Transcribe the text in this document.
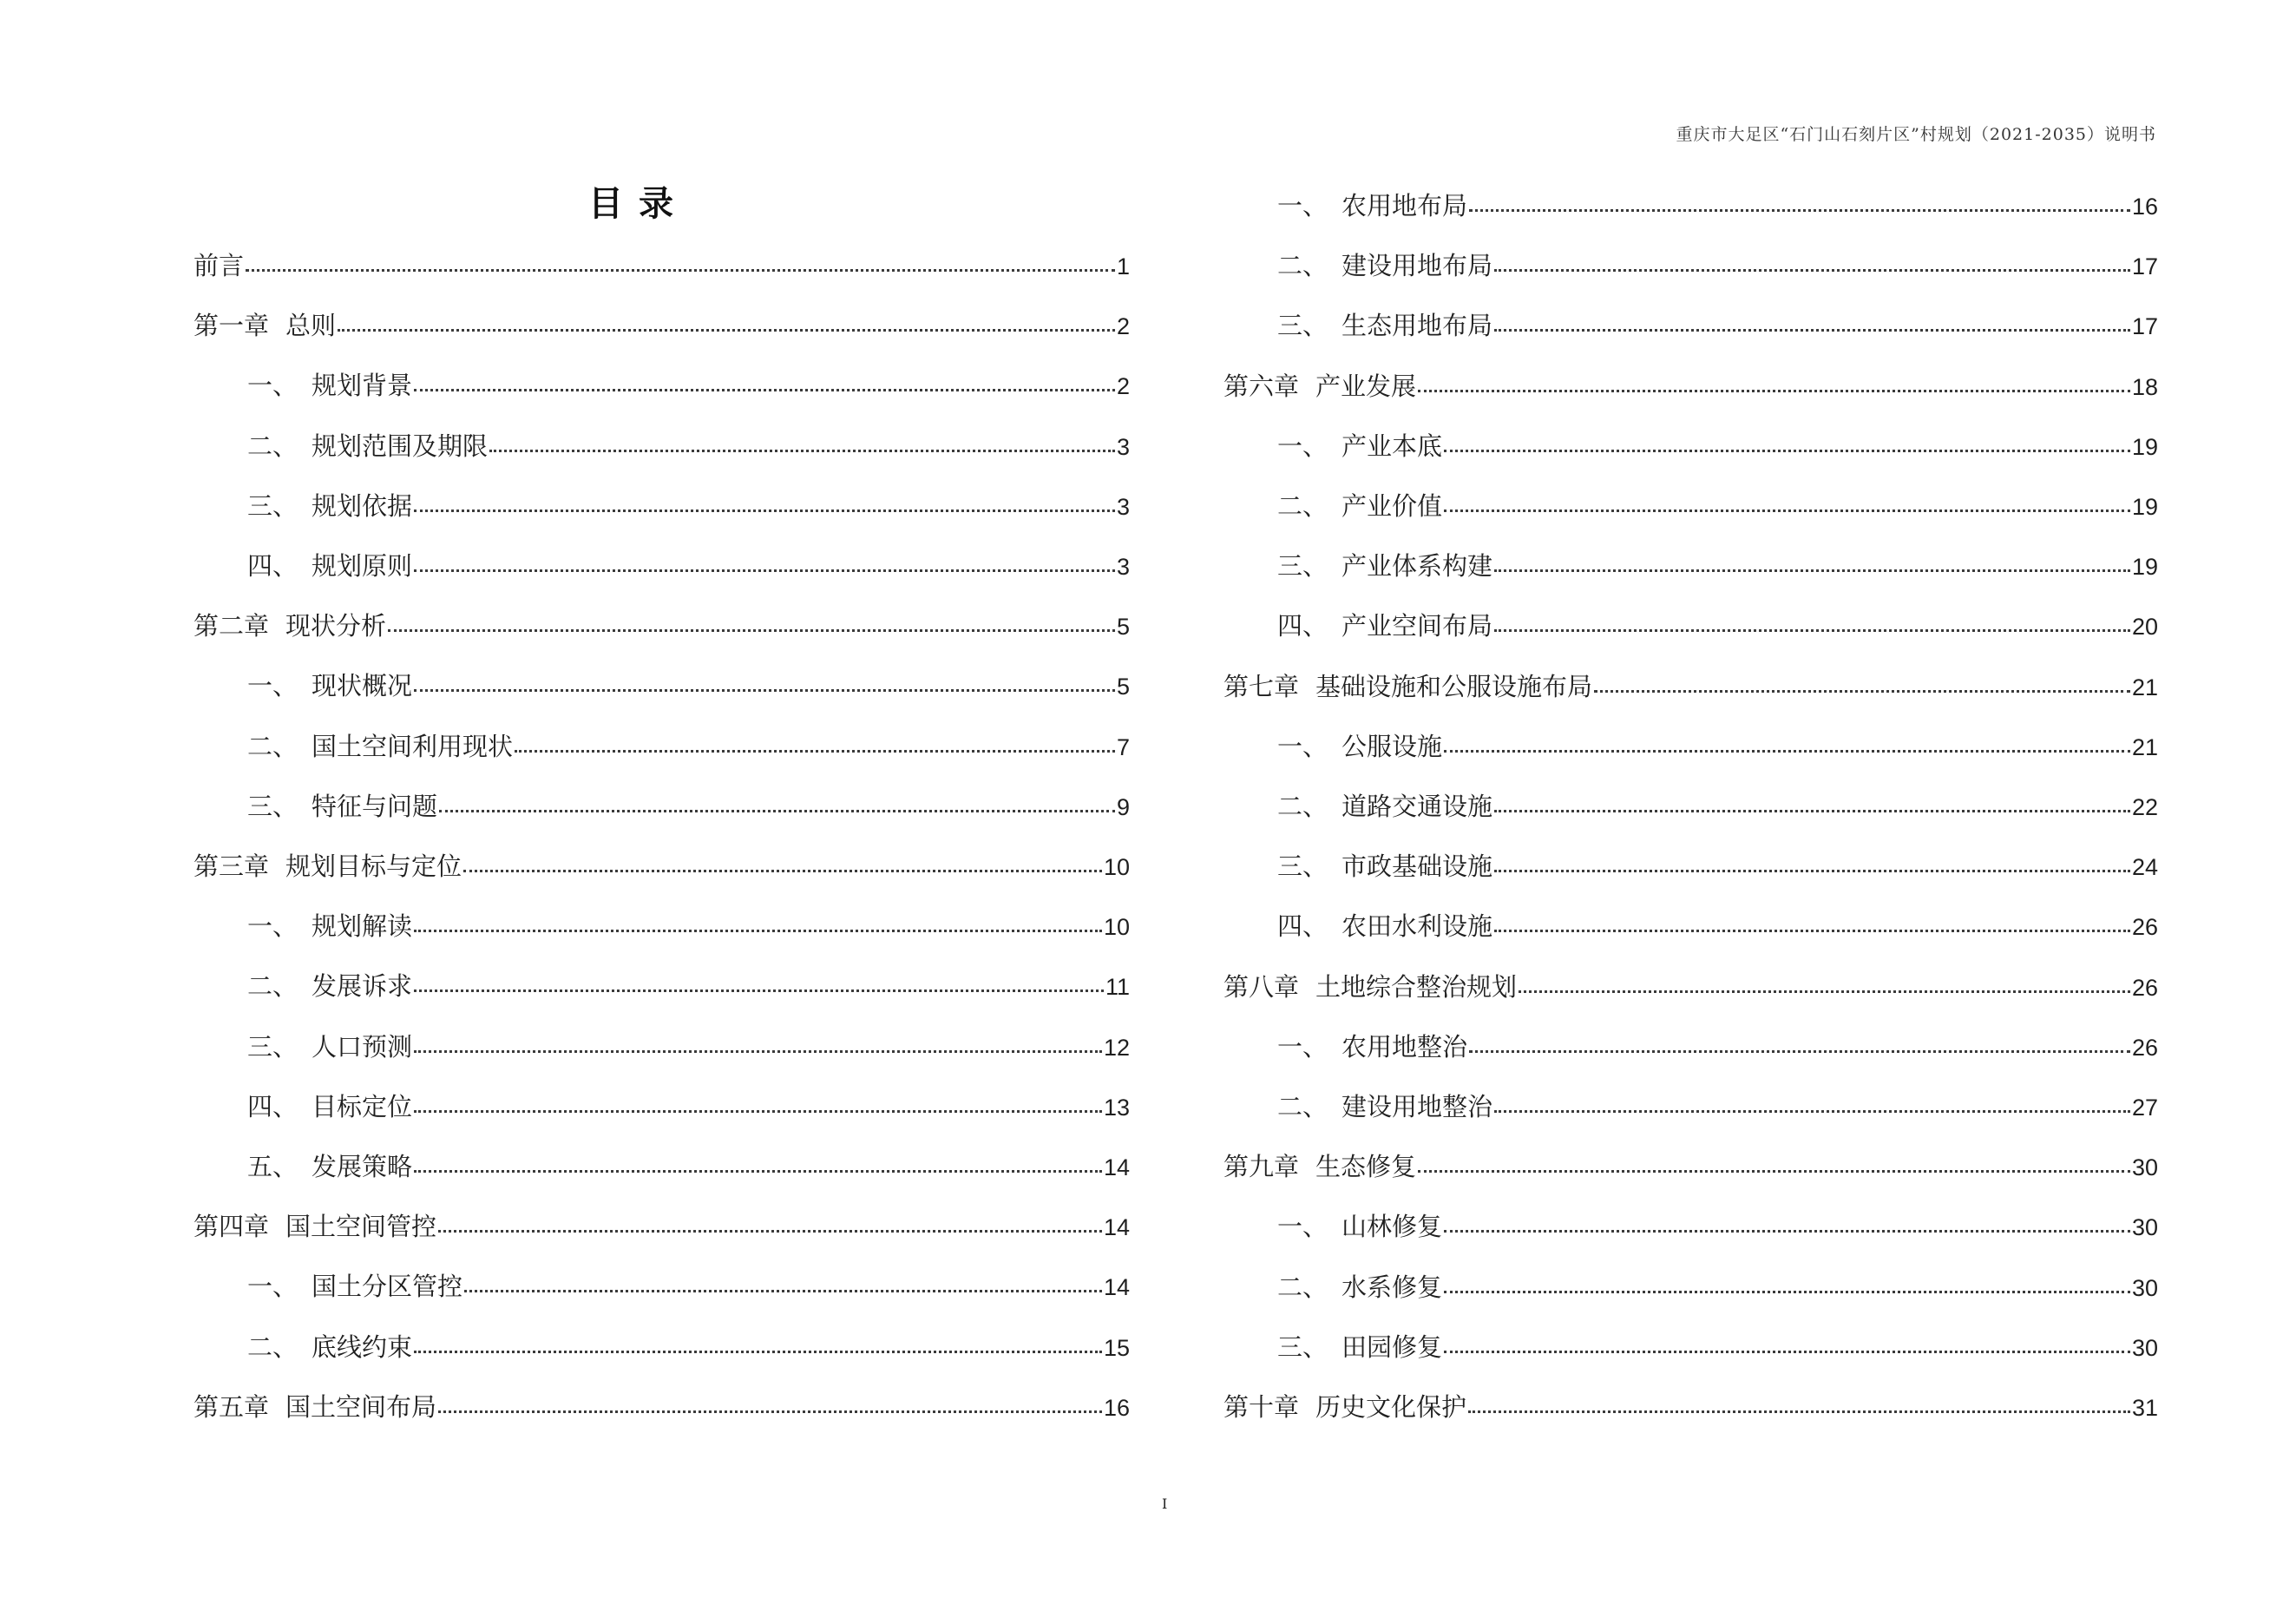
重庆市大足区“石门山石刻片区”村规划（2021-2035）说明书
目录
前言	1
第一章 总则	2
一、 规划背景	2
二、 规划范围及期限	3
三、 规划依据	3
四、 规划原则	3
第二章 现状分析	5
一、 现状概况	5
二、 国土空间利用现状	7
三、 特征与问题	9
第三章 规划目标与定位	10
一、 规划解读	10
二、 发展诉求	11
三、 人口预测	12
四、 目标定位	13
五、 发展策略	14
第四章 国土空间管控	14
一、 国土分区管控	14
二、 底线约束	15
第五章 国土空间布局	16
一、 农用地布局	16
二、 建设用地布局	17
三、 生态用地布局	17
第六章 产业发展	18
一、 产业本底	19
二、 产业价值	19
三、 产业体系构建	19
四、 产业空间布局	20
第七章 基础设施和公服设施布局	21
一、 公服设施	21
二、 道路交通设施	22
三、 市政基础设施	24
四、 农田水利设施	26
第八章 土地综合整治规划	26
一、 农用地整治	26
二、 建设用地整治	27
第九章 生态修复	30
一、 山林修复	30
二、 水系修复	30
三、 田园修复	30
第十章 历史文化保护	31
I
